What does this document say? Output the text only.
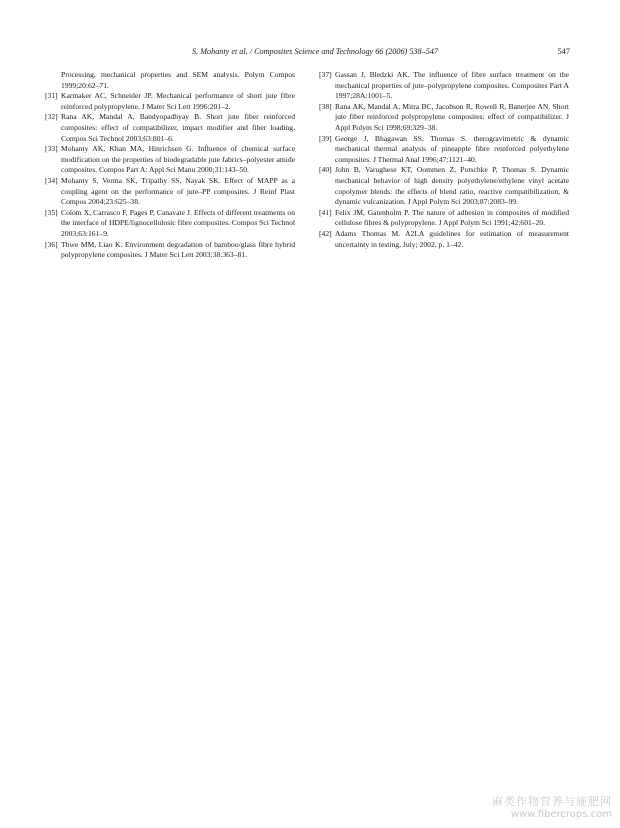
S. Mohanty et al. / Composites Science and Technology 66 (2006) 538–547	547

Processing, mechanical properties and SEM analysis. Polym Compos 1999;20:62–71.

[31] Karmaker AC, Schneider JP. Mechanical performance of short jute fibre reinforced polypropylene. J Mater Sci Lett 1996:201–2.

[32] Rana AK, Mandal A, Bandyopadhyay B. Short jute fiber reinforced composites: effect of compatibilizer, impact modifier and fiber loading. Compos Sci Technol 2003;63:801–6.

[33] Mohanty AK, Khan MA, Hinrichsen G. Influence of chemical surface modification on the properties of biodegradable jute fabrics–polyester amide composites. Compos Part A: Appl Sci Manu 2000;31:143–50.

[34] Mohanty S, Verma SK, Tripathy SS, Nayak SK. Effect of MAPP as a coupling agent on the performance of jute–PP composites. J Reinf Plast Compos 2004;23:625–38.

[35] Colom X, Carrasco F, Pages P, Canavate J. Effects of different treatments on the interface of HDPE/lignocellulosic fibre composites. Compos Sci Technol 2003;63:161–9.

[36] Thwe MM, Liao K. Environment degradation of bamboo/glass fibre hybrid polypropylene composites. J Mater Sci Lett 2003;38:363–81.

[37] Gassan J, Bledzki AK. The influence of fibre surface treatment on the mechanical properties of jute–polypropylene composites. Composites Part A 1997;28A:1001–5.

[38] Rana AK, Mandal A, Mitra BC, Jacobson R, Rowell R, Banerjee AN. Short jute fiber reinforced polypropylene composites: effect of compatibilizer. J Appl Polym Sci 1998;69:329–38.

[39] George J, Bhagawan SS, Thomas S. therogravimetric & dynamic mechanical thermal analysis of pineapple fibre reinforced polyethylene composites. J Thermal Anal 1996;47:1121–40.

[40] John B, Varughese KT, Oommen Z, Potschke P, Thomas S. Dynamic mechanical behavior of high density polyethylene/ethylene vinyl acetate copolymer blends: the effects of blend ratio, reactive compatibilization, & dynamic vulcanization. J Appl Polym Sci 2003;87:2083–99.

[41] Felix JM, Gatenholm P. The nature of adhesion in composites of modified cellulose fibres & polypropylene. J Appl Polym Sci 1991;42:601–20.

[42] Adams Thomas M. A2LA guidelines for estimation of measurement uncertainty in testing, July; 2002. p. 1–42.

麻类作物营养与施肥网
www.fibercrops.com
